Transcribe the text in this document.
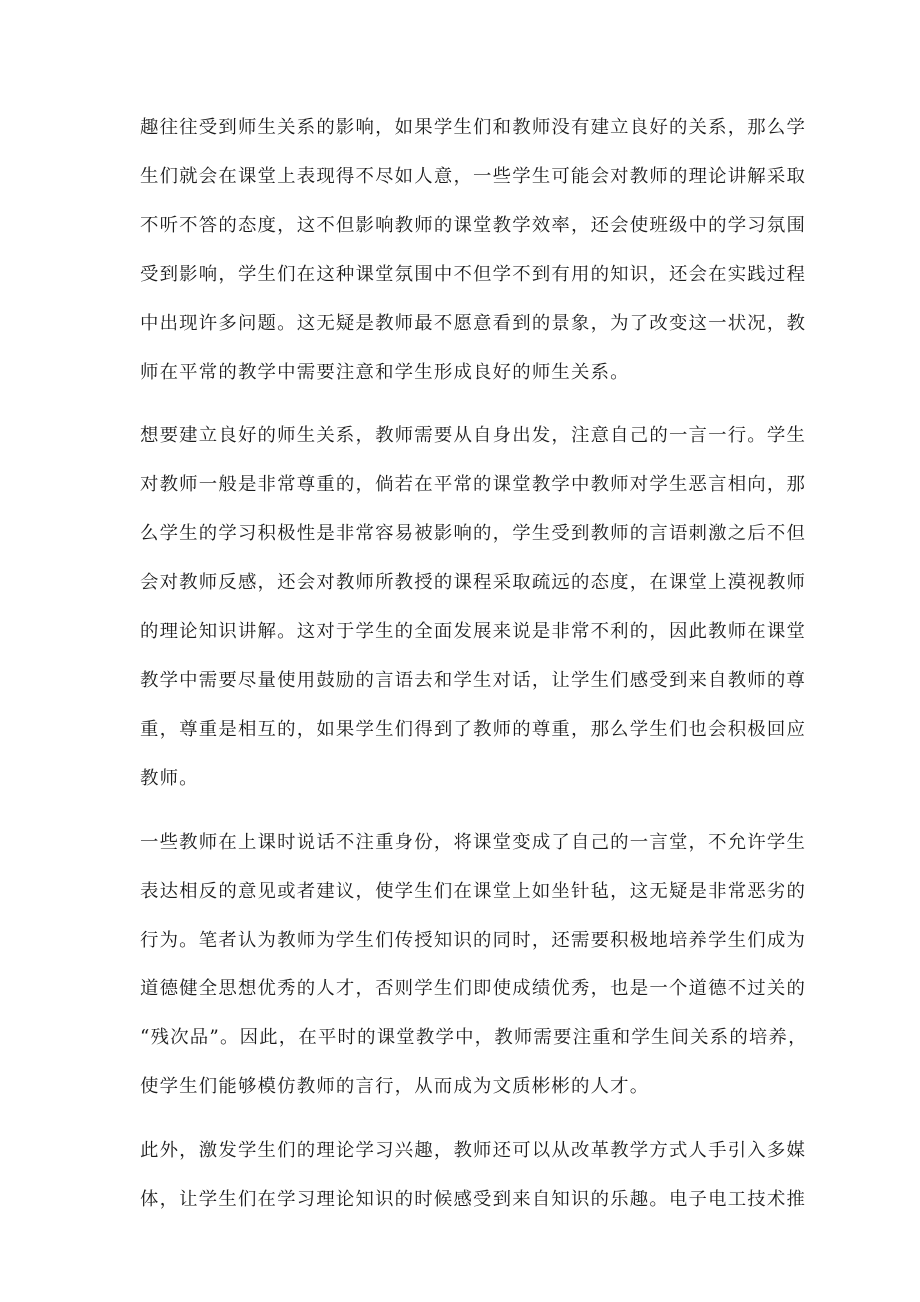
趣往往受到师生关系的影响，如果学生们和教师没有建立良好的关系，那么学
生们就会在课堂上表现得不尽如人意，一些学生可能会对教师的理论讲解采取
不听不答的态度，这不但影响教师的课堂教学效率，还会使班级中的学习氛围
受到影响，学生们在这种课堂氛围中不但学不到有用的知识，还会在实践过程
中出现许多问题。这无疑是教师最不愿意看到的景象，为了改变这一状况，教
师在平常的教学中需要注意和学生形成良好的师生关系。

想要建立良好的师生关系，教师需要从自身出发，注意自己的一言一行。学生
对教师一般是非常尊重的，倘若在平常的课堂教学中教师对学生恶言相向，那
么学生的学习积极性是非常容易被影响的，学生受到教师的言语刺激之后不但
会对教师反感，还会对教师所教授的课程采取疏远的态度，在课堂上漠视教师
的理论知识讲解。这对于学生的全面发展来说是非常不利的，因此教师在课堂
教学中需要尽量使用鼓励的言语去和学生对话，让学生们感受到来自教师的尊
重，尊重是相互的，如果学生们得到了教师的尊重，那么学生们也会积极回应
教师。

一些教师在上课时说话不注重身份，将课堂变成了自己的一言堂，不允许学生
表达相反的意见或者建议，使学生们在课堂上如坐针毡，这无疑是非常恶劣的
行为。笔者认为教师为学生们传授知识的同时，还需要积极地培养学生们成为
道德健全思想优秀的人才，否则学生们即使成绩优秀，也是一个道德不过关的
“残次品”。因此，在平时的课堂教学中，教师需要注重和学生间关系的培养，
使学生们能够模仿教师的言行，从而成为文质彬彬的人才。

此外，激发学生们的理论学习兴趣，教师还可以从改革教学方式人手引入多媒
体，让学生们在学习理论知识的时候感受到来自知识的乐趣。电子电工技术推
